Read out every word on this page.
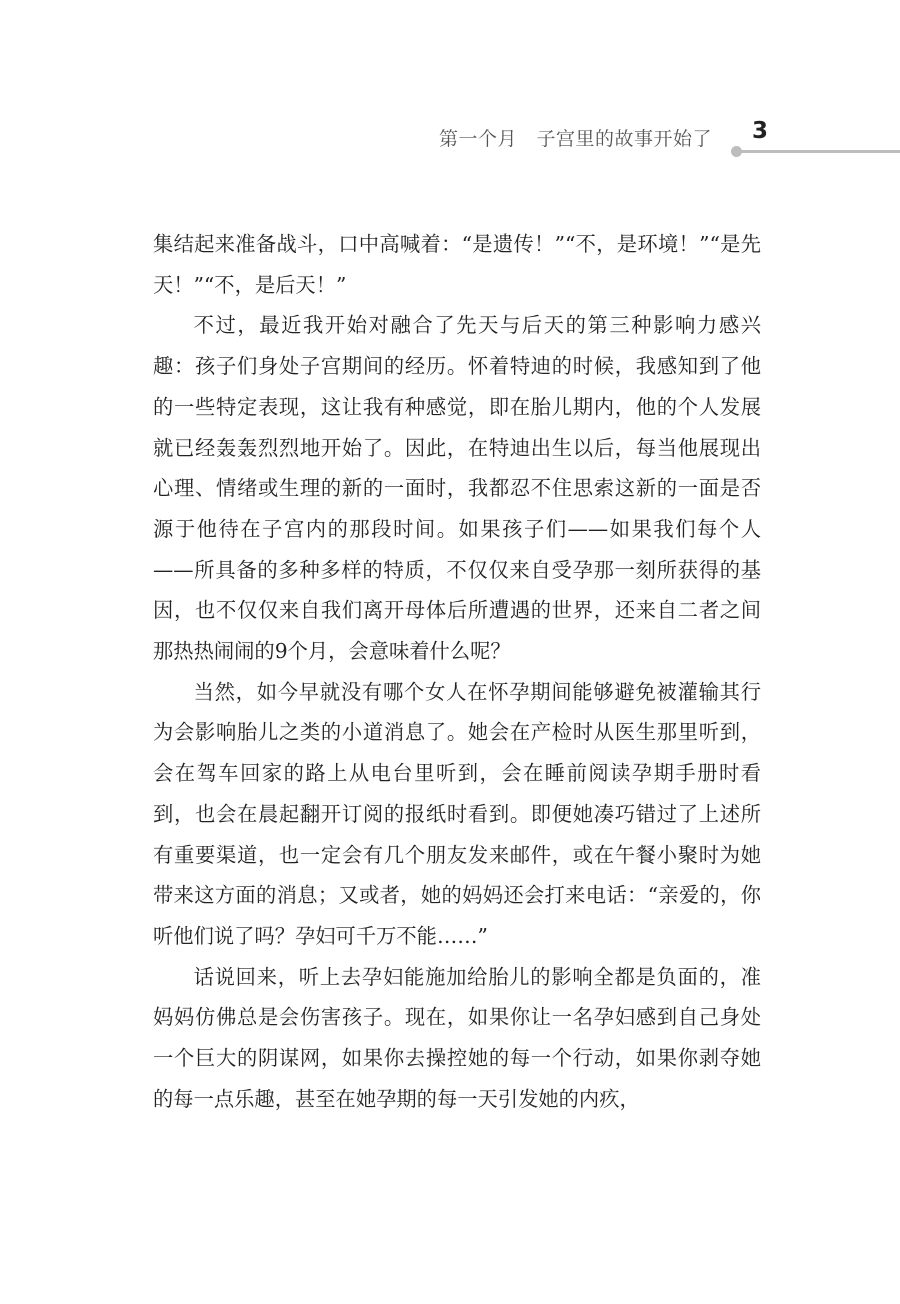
第一个月　子宫里的故事开始了 3

集结起来准备战斗，口中高喊着：“是遗传！”“不，是环境！”“是先天！”“不，是后天！”

不过，最近我开始对融合了先天与后天的第三种影响力感兴趣：孩子们身处子宫期间的经历。怀着特迪的时候，我感知到了他的一些特定表现，这让我有种感觉，即在胎儿期内，他的个人发展就已经轰轰烈烈地开始了。因此，在特迪出生以后，每当他展现出心理、情绪或生理的新的一面时，我都忍不住思索这新的一面是否源于他待在子宫内的那段时间。如果孩子们——如果我们每个人——所具备的多种多样的特质，不仅仅来自受孕那一刻所获得的基因，也不仅仅来自我们离开母体后所遭遇的世界，还来自二者之间那热热闹闹的9个月，会意味着什么呢？

当然，如今早就没有哪个女人在怀孕期间能够避免被灌输其行为会影响胎儿之类的小道消息了。她会在产检时从医生那里听到，会在驾车回家的路上从电台里听到，会在睡前阅读孕期手册时看到，也会在晨起翻开订阅的报纸时看到。即便她凑巧错过了上述所有重要渠道，也一定会有几个朋友发来邮件，或在午餐小聚时为她带来这方面的消息；又或者，她的妈妈还会打来电话：“亲爱的，你听他们说了吗？孕妇可千万不能……”

话说回来，听上去孕妇能施加给胎儿的影响全都是负面的，准妈妈仿佛总是会伤害孩子。现在，如果你让一名孕妇感到自己身处一个巨大的阴谋网，如果你去操控她的每一个行动，如果你剥夺她的每一点乐趣，甚至在她孕期的每一天引发她的内疚，
